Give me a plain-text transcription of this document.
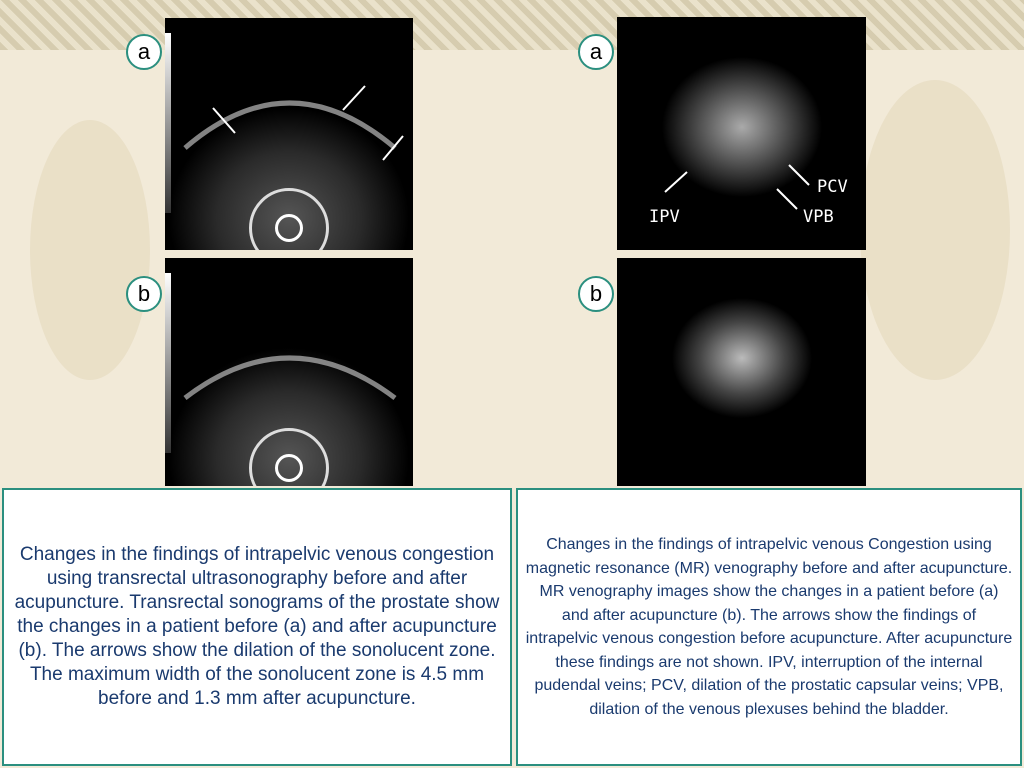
PCV
IPV	VPB
a
b
a
b
Changes in the findings of intrapelvic venous congestion using transrectal ultrasonography before and after acupuncture. Transrectal sonograms of the prostate show the changes in a patient before (a) and after acupuncture (b). The arrows show the dilation of the sonolucent zone. The maximum width of the sonolucent zone is 4.5 mm before and 1.3 mm after acupuncture.
Changes in the findings of intrapelvic venous Congestion using magnetic resonance (MR) venography before and after acupuncture. MR venography images show the changes in a patient before (a) and after acupuncture (b). The arrows show the findings of intrapelvic venous congestion before acupuncture. After acupuncture these findings are not shown. IPV, interruption of the internal pudendal veins; PCV, dilation of the prostatic capsular veins; VPB, dilation of the venous plexuses behind the bladder.
